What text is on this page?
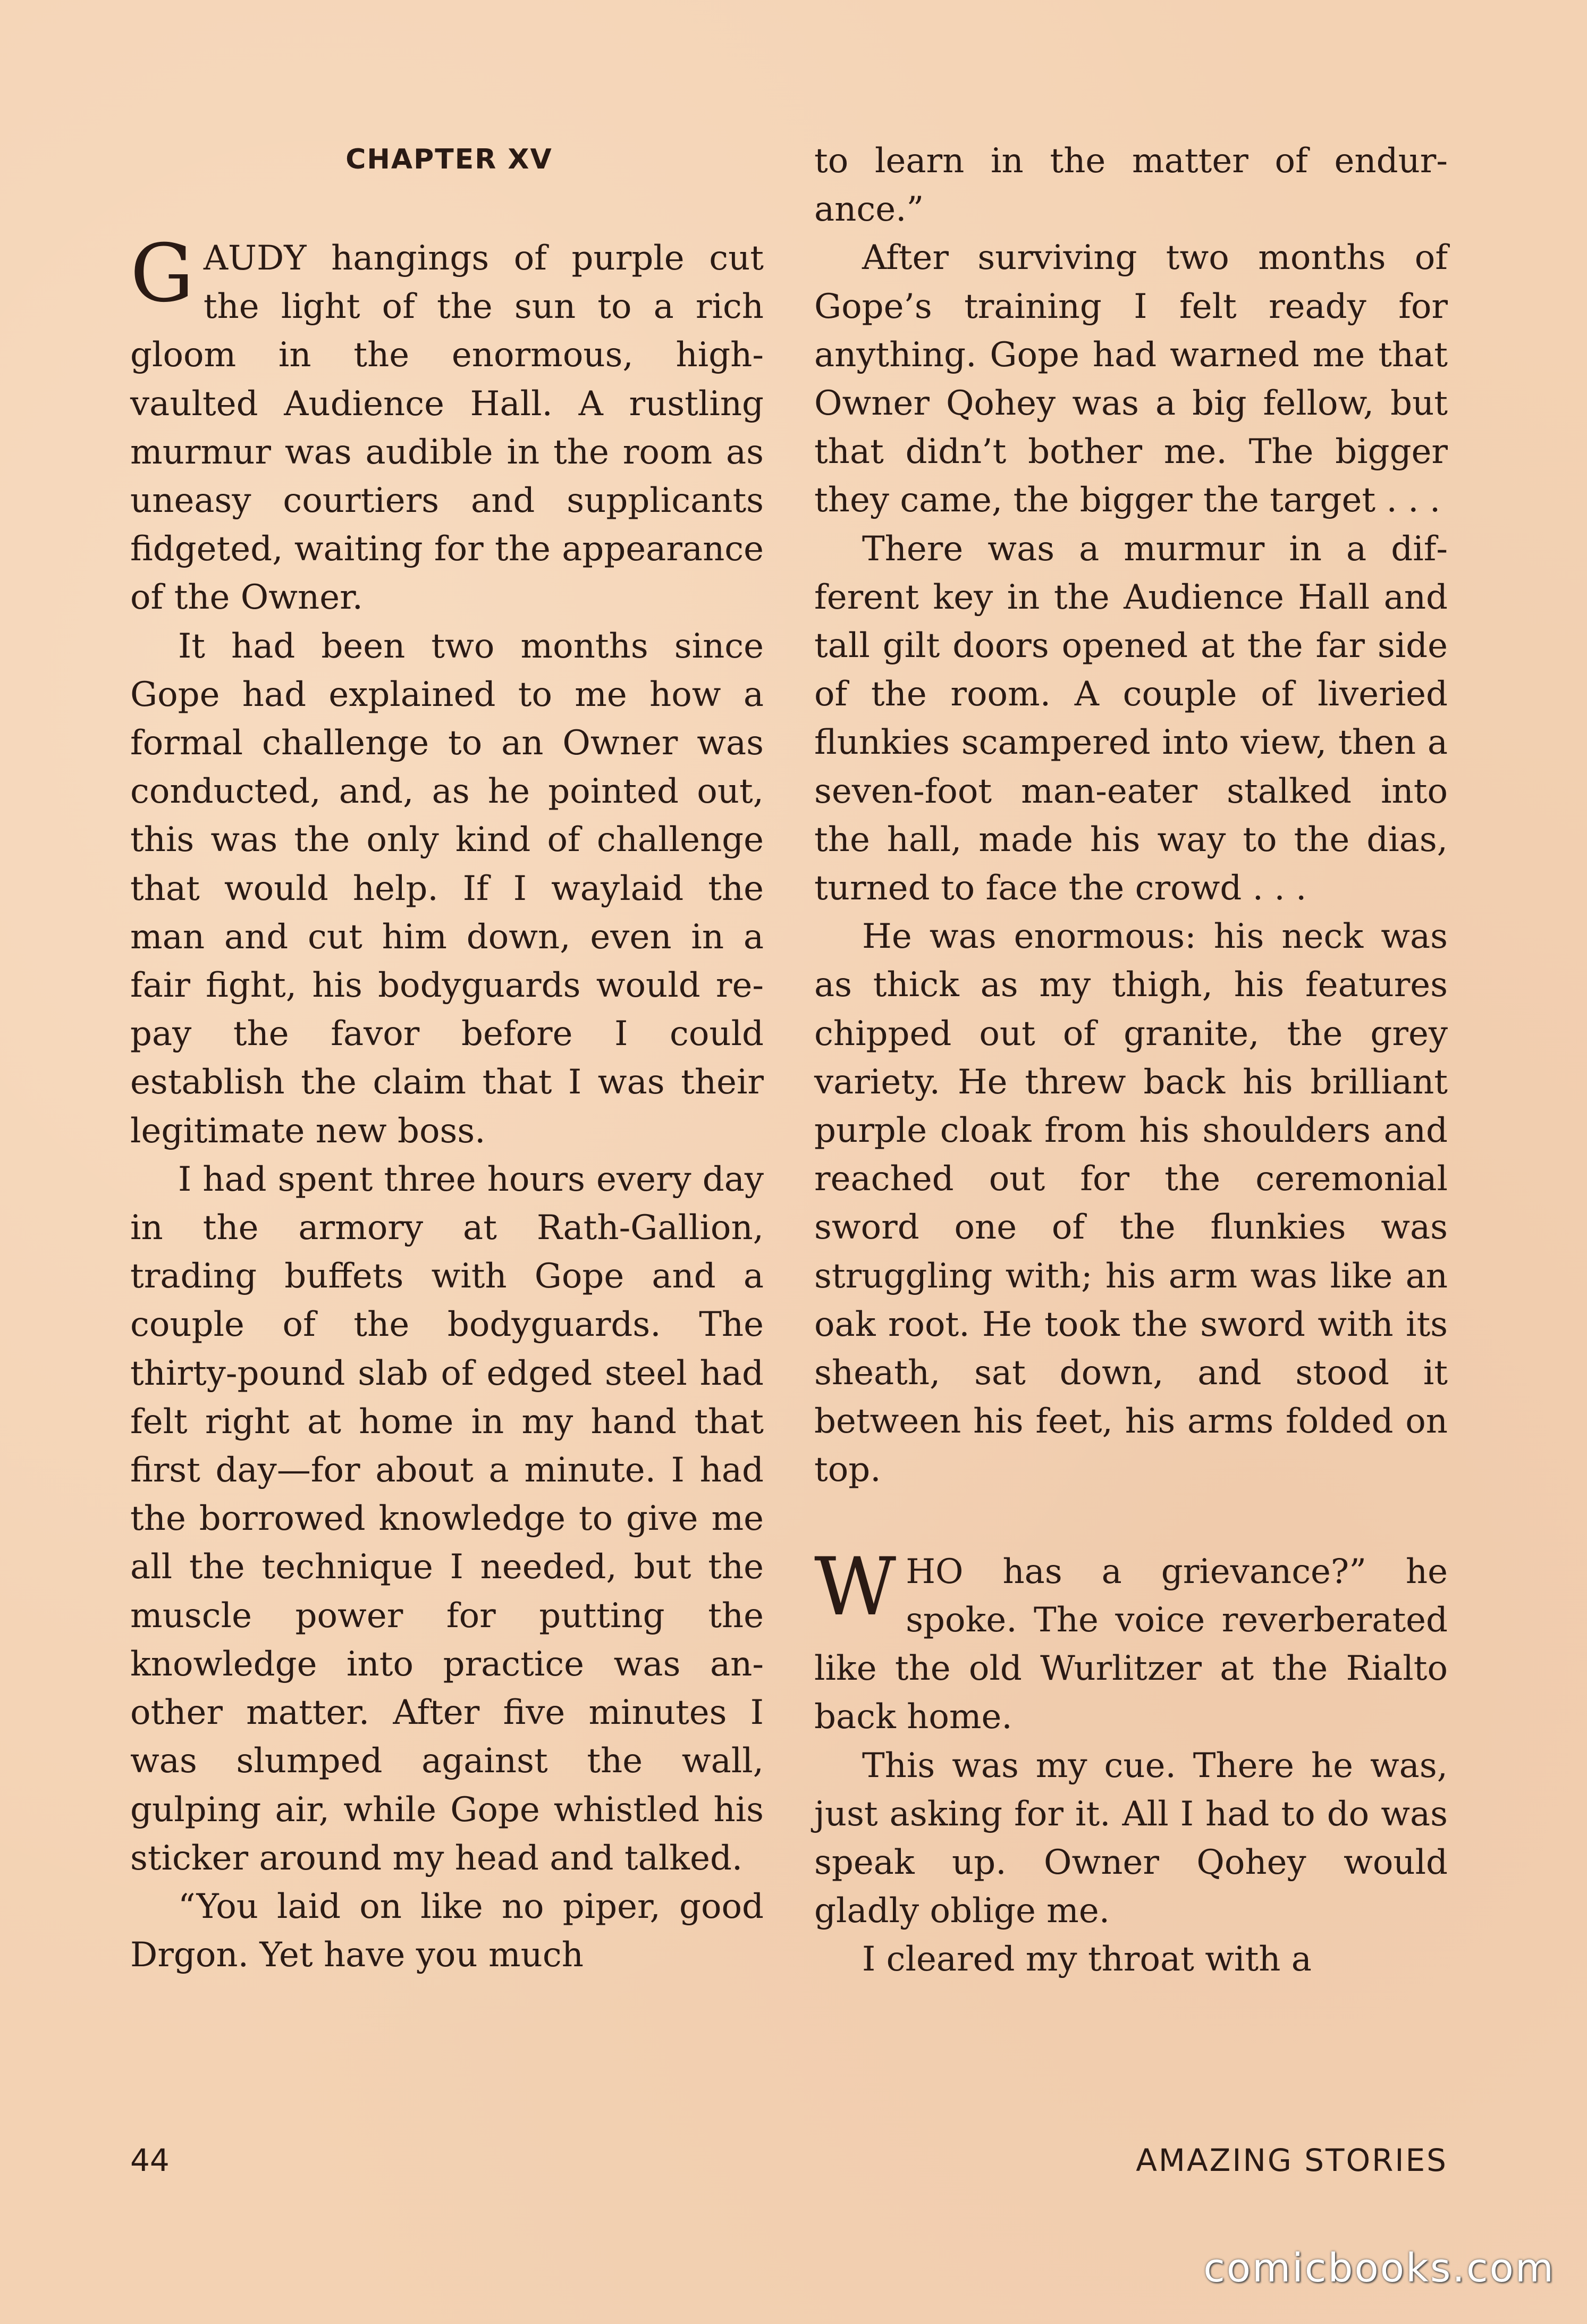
CHAPTER XV

GAUDY hangings of purple cut the light of the sun to a rich gloom in the enormous, high-vaulted Audience Hall. A rustling murmur was audible in the room as uneasy courtiers and supplicants fidgeted, waiting for the appearance of the Owner.

It had been two months since Gope had explained to me how a formal challenge to an Owner was conducted, and, as he pointed out, this was the only kind of challenge that would help. If I waylaid the man and cut him down, even in a fair fight, his bodyguards would repay the favor before I could establish the claim that I was their legitimate new boss.

I had spent three hours every day in the armory at Rath-Gallion, trading buffets with Gope and a couple of the bodyguards. The thirty-pound slab of edged steel had felt right at home in my hand that first day—for about a minute. I had the borrowed knowledge to give me all the technique I needed, but the muscle power for putting the knowledge into practice was another matter. After five minutes I was slumped against the wall, gulping air, while Gope whistled his sticker around my head and talked.

“You laid on like no piper, good Drgon. Yet have you much

to learn in the matter of endurance.”

After surviving two months of Gope’s training I felt ready for anything. Gope had warned me that Owner Qohey was a big fellow, but that didn’t bother me. The bigger they came, the bigger the target . . .

There was a murmur in a different key in the Audience Hall and tall gilt doors opened at the far side of the room. A couple of liveried flunkies scampered into view, then a seven-foot man-eater stalked into the hall, made his way to the dias, turned to face the crowd . . .

He was enormous: his neck was as thick as my thigh, his features chipped out of granite, the grey variety. He threw back his brilliant purple cloak from his shoulders and reached out for the ceremonial sword one of the flunkies was struggling with; his arm was like an oak root. He took the sword with its sheath, sat down, and stood it between his feet, his arms folded on top.

WHO has a grievance?” he spoke. The voice reverberated like the old Wurlitzer at the Rialto back home.

This was my cue. There he was, just asking for it. All I had to do was speak up. Owner Qohey would gladly oblige me.

I cleared my throat with a

44	AMAZING STORIES
comicbooks.com
